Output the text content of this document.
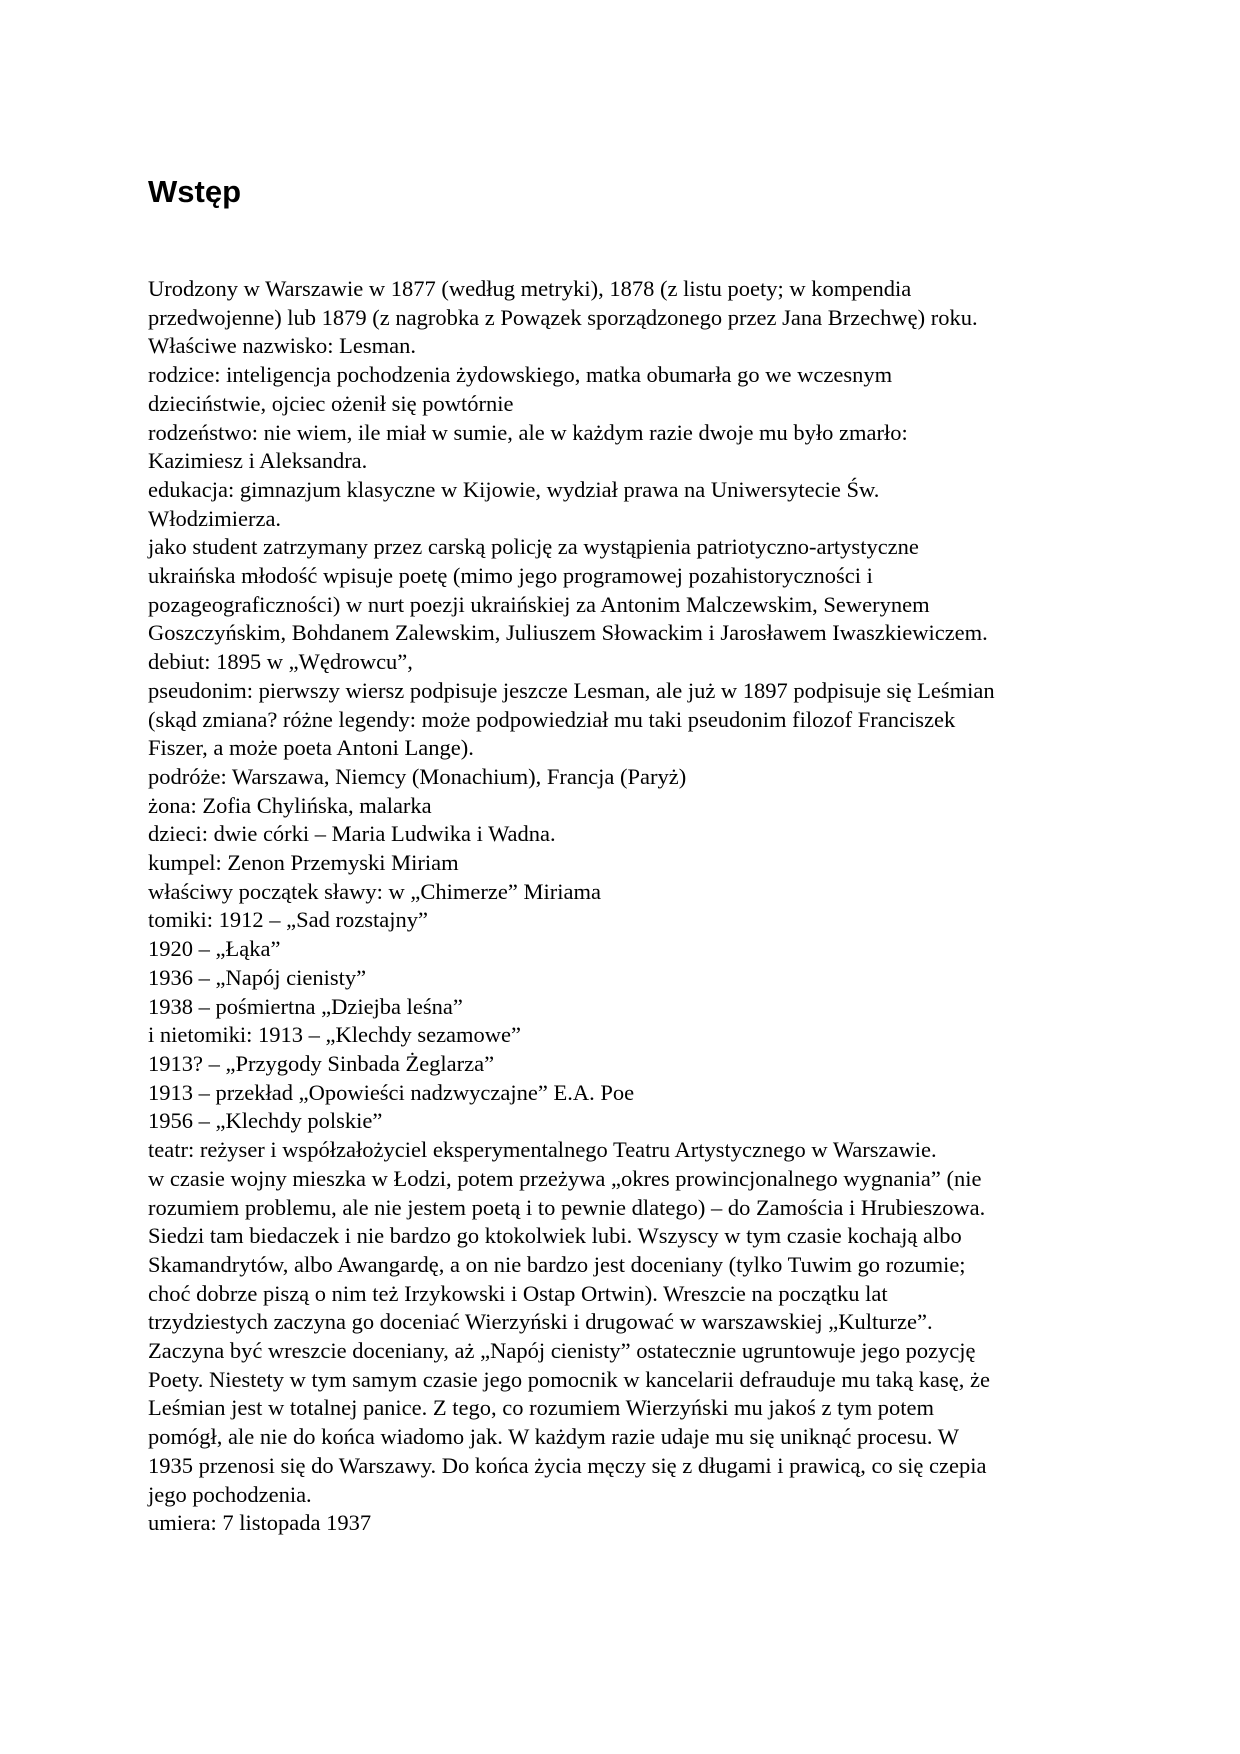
Wstęp
Urodzony w Warszawie w 1877 (według metryki), 1878 (z listu poety; w kompendia
przedwojenne) lub 1879 (z nagrobka z Powązek sporządzonego przez Jana Brzechwę) roku.
Właściwe nazwisko: Lesman.
rodzice: inteligencja pochodzenia żydowskiego, matka obumarła go we wczesnym
dzieciństwie, ojciec ożenił się powtórnie
rodzeństwo: nie wiem, ile miał w sumie, ale w każdym razie dwoje mu było zmarło:
Kazimiesz i Aleksandra.
edukacja: gimnazjum klasyczne w Kijowie, wydział prawa na Uniwersytecie Św.
Włodzimierza.
jako student zatrzymany przez carską policję za wystąpienia patriotyczno-artystyczne
ukraińska młodość wpisuje poetę (mimo jego programowej pozahistoryczności i
pozageograficzności) w nurt poezji ukraińskiej za Antonim Malczewskim, Sewerynem
Goszczyńskim, Bohdanem Zalewskim, Juliuszem Słowackim i Jarosławem Iwaszkiewiczem.
debiut: 1895 w „Wędrowcu”,
pseudonim: pierwszy wiersz podpisuje jeszcze Lesman, ale już w 1897 podpisuje się Leśmian
(skąd zmiana? różne legendy: może podpowiedział mu taki pseudonim filozof Franciszek
Fiszer, a może poeta Antoni Lange).
podróże: Warszawa, Niemcy (Monachium), Francja (Paryż)
żona: Zofia Chylińska, malarka
dzieci: dwie córki – Maria Ludwika i Wadna.
kumpel: Zenon Przemyski Miriam
właściwy początek sławy: w „Chimerze” Miriama
tomiki: 1912 – „Sad rozstajny”
1920 – „Łąka”
1936 – „Napój cienisty”
1938 – pośmiertna „Dziejba leśna”
i nietomiki: 1913 – „Klechdy sezamowe”
1913? – „Przygody Sinbada Żeglarza”
1913 – przekład „Opowieści nadzwyczajne” E.A. Poe
1956 – „Klechdy polskie”
teatr: reżyser i współzałożyciel eksperymentalnego Teatru Artystycznego w Warszawie.
w czasie wojny mieszka w Łodzi, potem przeżywa „okres prowincjonalnego wygnania” (nie
rozumiem problemu, ale nie jestem poetą i to pewnie dlatego) – do Zamościa i Hrubieszowa.
Siedzi tam biedaczek i nie bardzo go ktokolwiek lubi. Wszyscy w tym czasie kochają albo
Skamandrytów, albo Awangardę, a on nie bardzo jest doceniany (tylko Tuwim go rozumie;
choć dobrze piszą o nim też Irzykowski i Ostap Ortwin). Wreszcie na początku lat
trzydziestych zaczyna go doceniać Wierzyński i drugować w warszawskiej „Kulturze”.
Zaczyna być wreszcie doceniany, aż „Napój cienisty” ostatecznie ugruntowuje jego pozycję
Poety. Niestety w tym samym czasie jego pomocnik w kancelarii defrauduje mu taką kasę, że
Leśmian jest w totalnej panice. Z tego, co rozumiem Wierzyński mu jakoś z tym potem
pomógł, ale nie do końca wiadomo jak. W każdym razie udaje mu się uniknąć procesu. W
1935 przenosi się do Warszawy. Do końca życia męczy się z długami i prawicą, co się czepia
jego pochodzenia.
umiera: 7 listopada 1937
